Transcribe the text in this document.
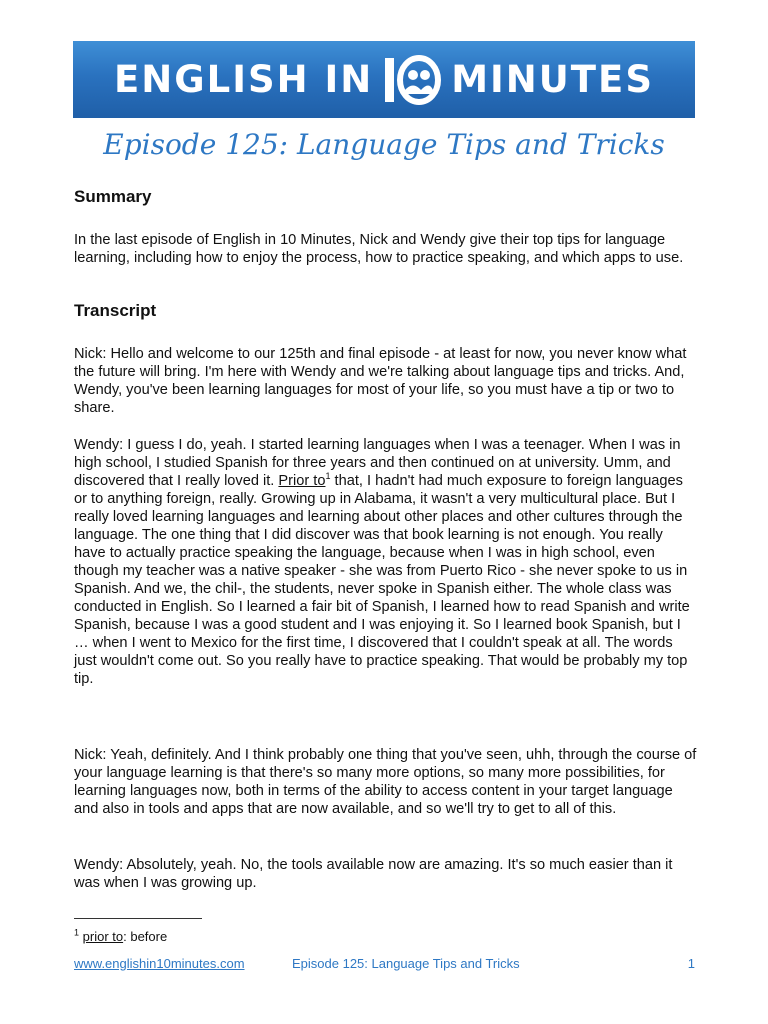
ENGLISH IN MINUTES
Episode 125: Language Tips and Tricks
Summary

In the last episode of English in 10 Minutes, Nick and Wendy give their top tips for language learning, including how to enjoy the process, how to practice speaking, and which apps to use.

Transcript

Nick: Hello and welcome to our 125th and final episode - at least for now, you never know what the future will bring. I'm here with Wendy and we're talking about language tips and tricks. And, Wendy, you've been learning languages for most of your life, so you must have a tip or two to share.

Wendy: I guess I do, yeah. I started learning languages when I was a teenager. When I was in high school, I studied Spanish for three years and then continued on at university. Umm, and discovered that I really loved it. Prior $to^1$ that, I hadn't had much exposure to foreign languages or to anything foreign, really. Growing up in Alabama, it wasn't a very multicultural place. But I really loved learning languages and learning about other places and other cultures through the language. The one thing that I did discover was that book learning is not enough. You really have to actually practice speaking the language, because when I was in high school, even though my teacher was a native speaker - she was from Puerto Rico - she never spoke to us in Spanish. And we, the chil-, the students, never spoke in Spanish either. The whole class was conducted in English. So I learned a fair bit of Spanish, I learned how to read Spanish and write Spanish, because I was a good student and I was enjoying it. So I learned book Spanish, but I … when I went to Mexico for the first time, I discovered that I couldn't speak at all. The words just wouldn't come out. So you really have to practice speaking. That would be probably my top tip.

Nick: Yeah, definitely. And I think probably one thing that you've seen, uhh, through the course of your language learning is that there's so many more options, so many more possibilities, for learning languages now, both in terms of the ability to access content in your target language and also in tools and apps that are now available, and so we'll try to get to all of this.

Wendy: Absolutely, yeah. No, the tools available now are amazing. It's so much easier than it was when I was growing up.

$^1$ prior to: before
www.englishin10minutes.com	Episode 125: Language Tips and Tricks	1
